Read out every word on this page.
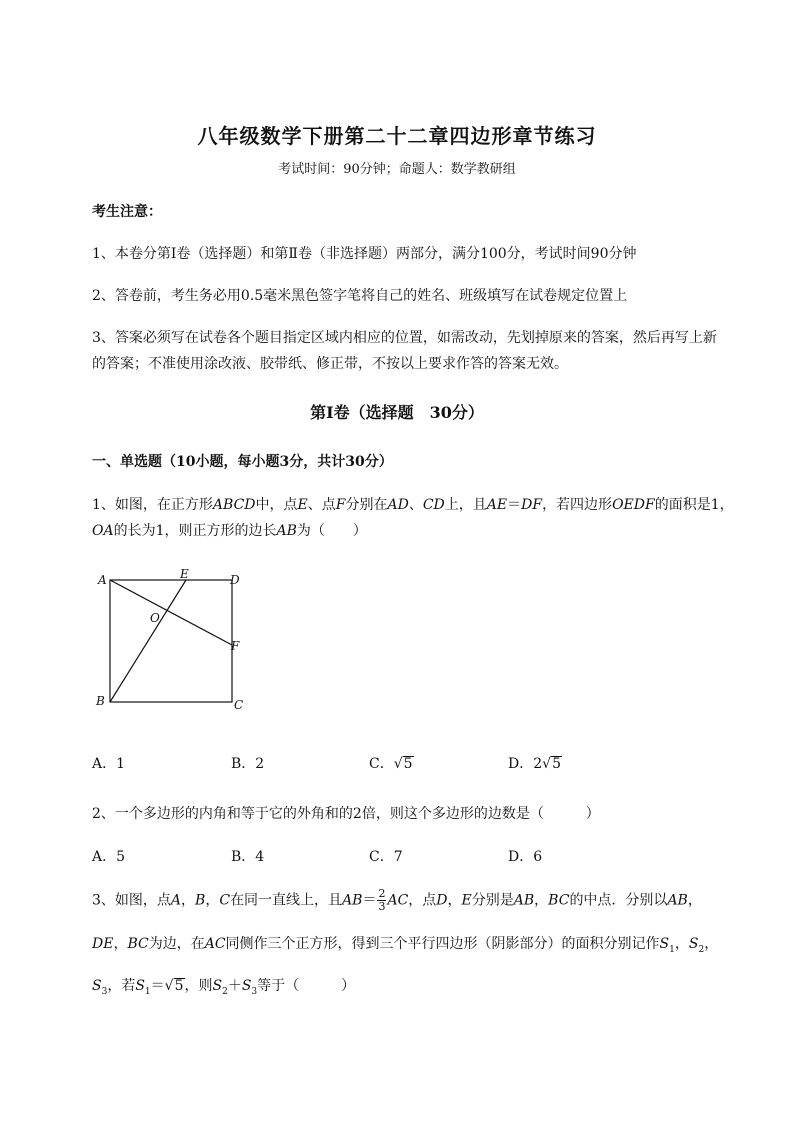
八年级数学下册第二十二章四边形章节练习
考试时间：90分钟；命题人：数学教研组
考生注意：
1、本卷分第I卷（选择题）和第Ⅱ卷（非选择题）两部分，满分100分，考试时间90分钟
2、答卷前，考生务必用0.5毫米黑色签字笔将自己的姓名、班级填写在试卷规定位置上
3、答案必须写在试卷各个题目指定区域内相应的位置，如需改动，先划掉原来的答案，然后再写上新
的答案；不准使用涂改液、胶带纸、修正带，不按以上要求作答的答案无效。
第I卷（选择题　30分）
一、单选题（10小题，每小题3分，共计30分）
1、如图，在正方形ABCD中，点E、点F分别在AD、CD上，且AE＝DF，若四边形OEDF的面积是1，
OA的长为1，则正方形的边长AB为（　　）
A	E	D
O
F
B	C
A．1	B．2	C．√5	D．2√5
2、一个多边形的内角和等于它的外角和的2倍，则这个多边形的边数是（　　　）
A．5	B．4	C．7	D．6
3、如图，点A，B，C在同一直线上，且$AB= \frac{2}{3}$ AC，点D，E分别是AB，BC的中点．分别以AB，
DE，BC为边，在AC同侧作三个正方形，得到三个平行四边形（阴影部分）的面积分别记作$S_1$，$S_2$，
$S_3$，若$S_1=√5$，则$S_2+S_3$等于（　　　）
